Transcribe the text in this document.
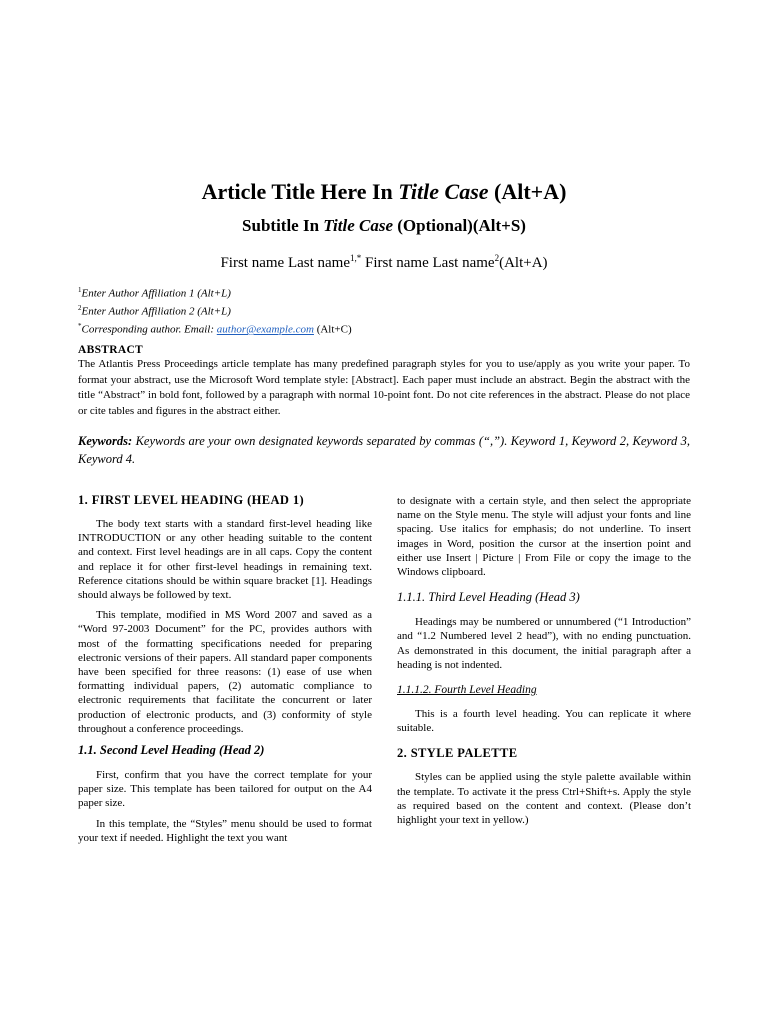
Article Title Here In Title Case (Alt+A)
Subtitle In Title Case (Optional)(Alt+S)
First name Last name$^{1,*}$ First name Last name$^2$(Alt+A)
$^1$Enter Author Affiliation 1 (Alt+L)
$^2$Enter Author Affiliation 2 (Alt+L)
*Corresponding author. Email: author@example.com (Alt+C)
ABSTRACT
The Atlantis Press Proceedings article template has many predefined paragraph styles for you to use/apply as you write your paper. To format your abstract, use the Microsoft Word template style: [Abstract]. Each paper must include an abstract. Begin the abstract with the title “Abstract” in bold font, followed by a paragraph with normal 10-point font. Do not cite references in the abstract. Please do not place or cite tables and figures in the abstract either.
Keywords: Keywords are your own designated keywords separated by commas (“,”). Keyword 1, Keyword 2, Keyword 3, Keyword 4.
1. FIRST LEVEL HEADING (HEAD 1)

The body text starts with a standard first-level heading like INTRODUCTION or any other heading suitable to the content and context. First level headings are in all caps. Copy the content and replace it for other first-level headings in remaining text. Reference citations should be within square bracket [1]. Headings should always be followed by text.

This template, modified in MS Word 2007 and saved as a “Word 97-2003 Document” for the PC, provides authors with most of the formatting specifications needed for preparing electronic versions of their papers. All standard paper components have been specified for three reasons: (1) ease of use when formatting individual papers, (2) automatic compliance to electronic requirements that facilitate the concurrent or later production of electronic products, and (3) conformity of style throughout a conference proceedings.

1.1. Second Level Heading (Head 2)

First, confirm that you have the correct template for your paper size. This template has been tailored for output on the A4 paper size.

In this template, the “Styles” menu should be used to format your text if needed. Highlight the text you want

to designate with a certain style, and then select the appropriate name on the Style menu. The style will adjust your fonts and line spacing. Use italics for emphasis; do not underline. To insert images in Word, position the cursor at the insertion point and either use Insert | Picture | From File or copy the image to the Windows clipboard.

1.1.1. Third Level Heading (Head 3)

Headings may be numbered or unnumbered (“1 Introduction” and “1.2 Numbered level 2 head”), with no ending punctuation. As demonstrated in this document, the initial paragraph after a heading is not indented.

1.1.1.2. Fourth Level Heading

This is a fourth level heading. You can replicate it where suitable.

2. STYLE PALETTE

Styles can be applied using the style palette available within the template. To activate it the press Ctrl+Shift+s. Apply the style as required based on the content and context. (Please don’t highlight your text in yellow.)
